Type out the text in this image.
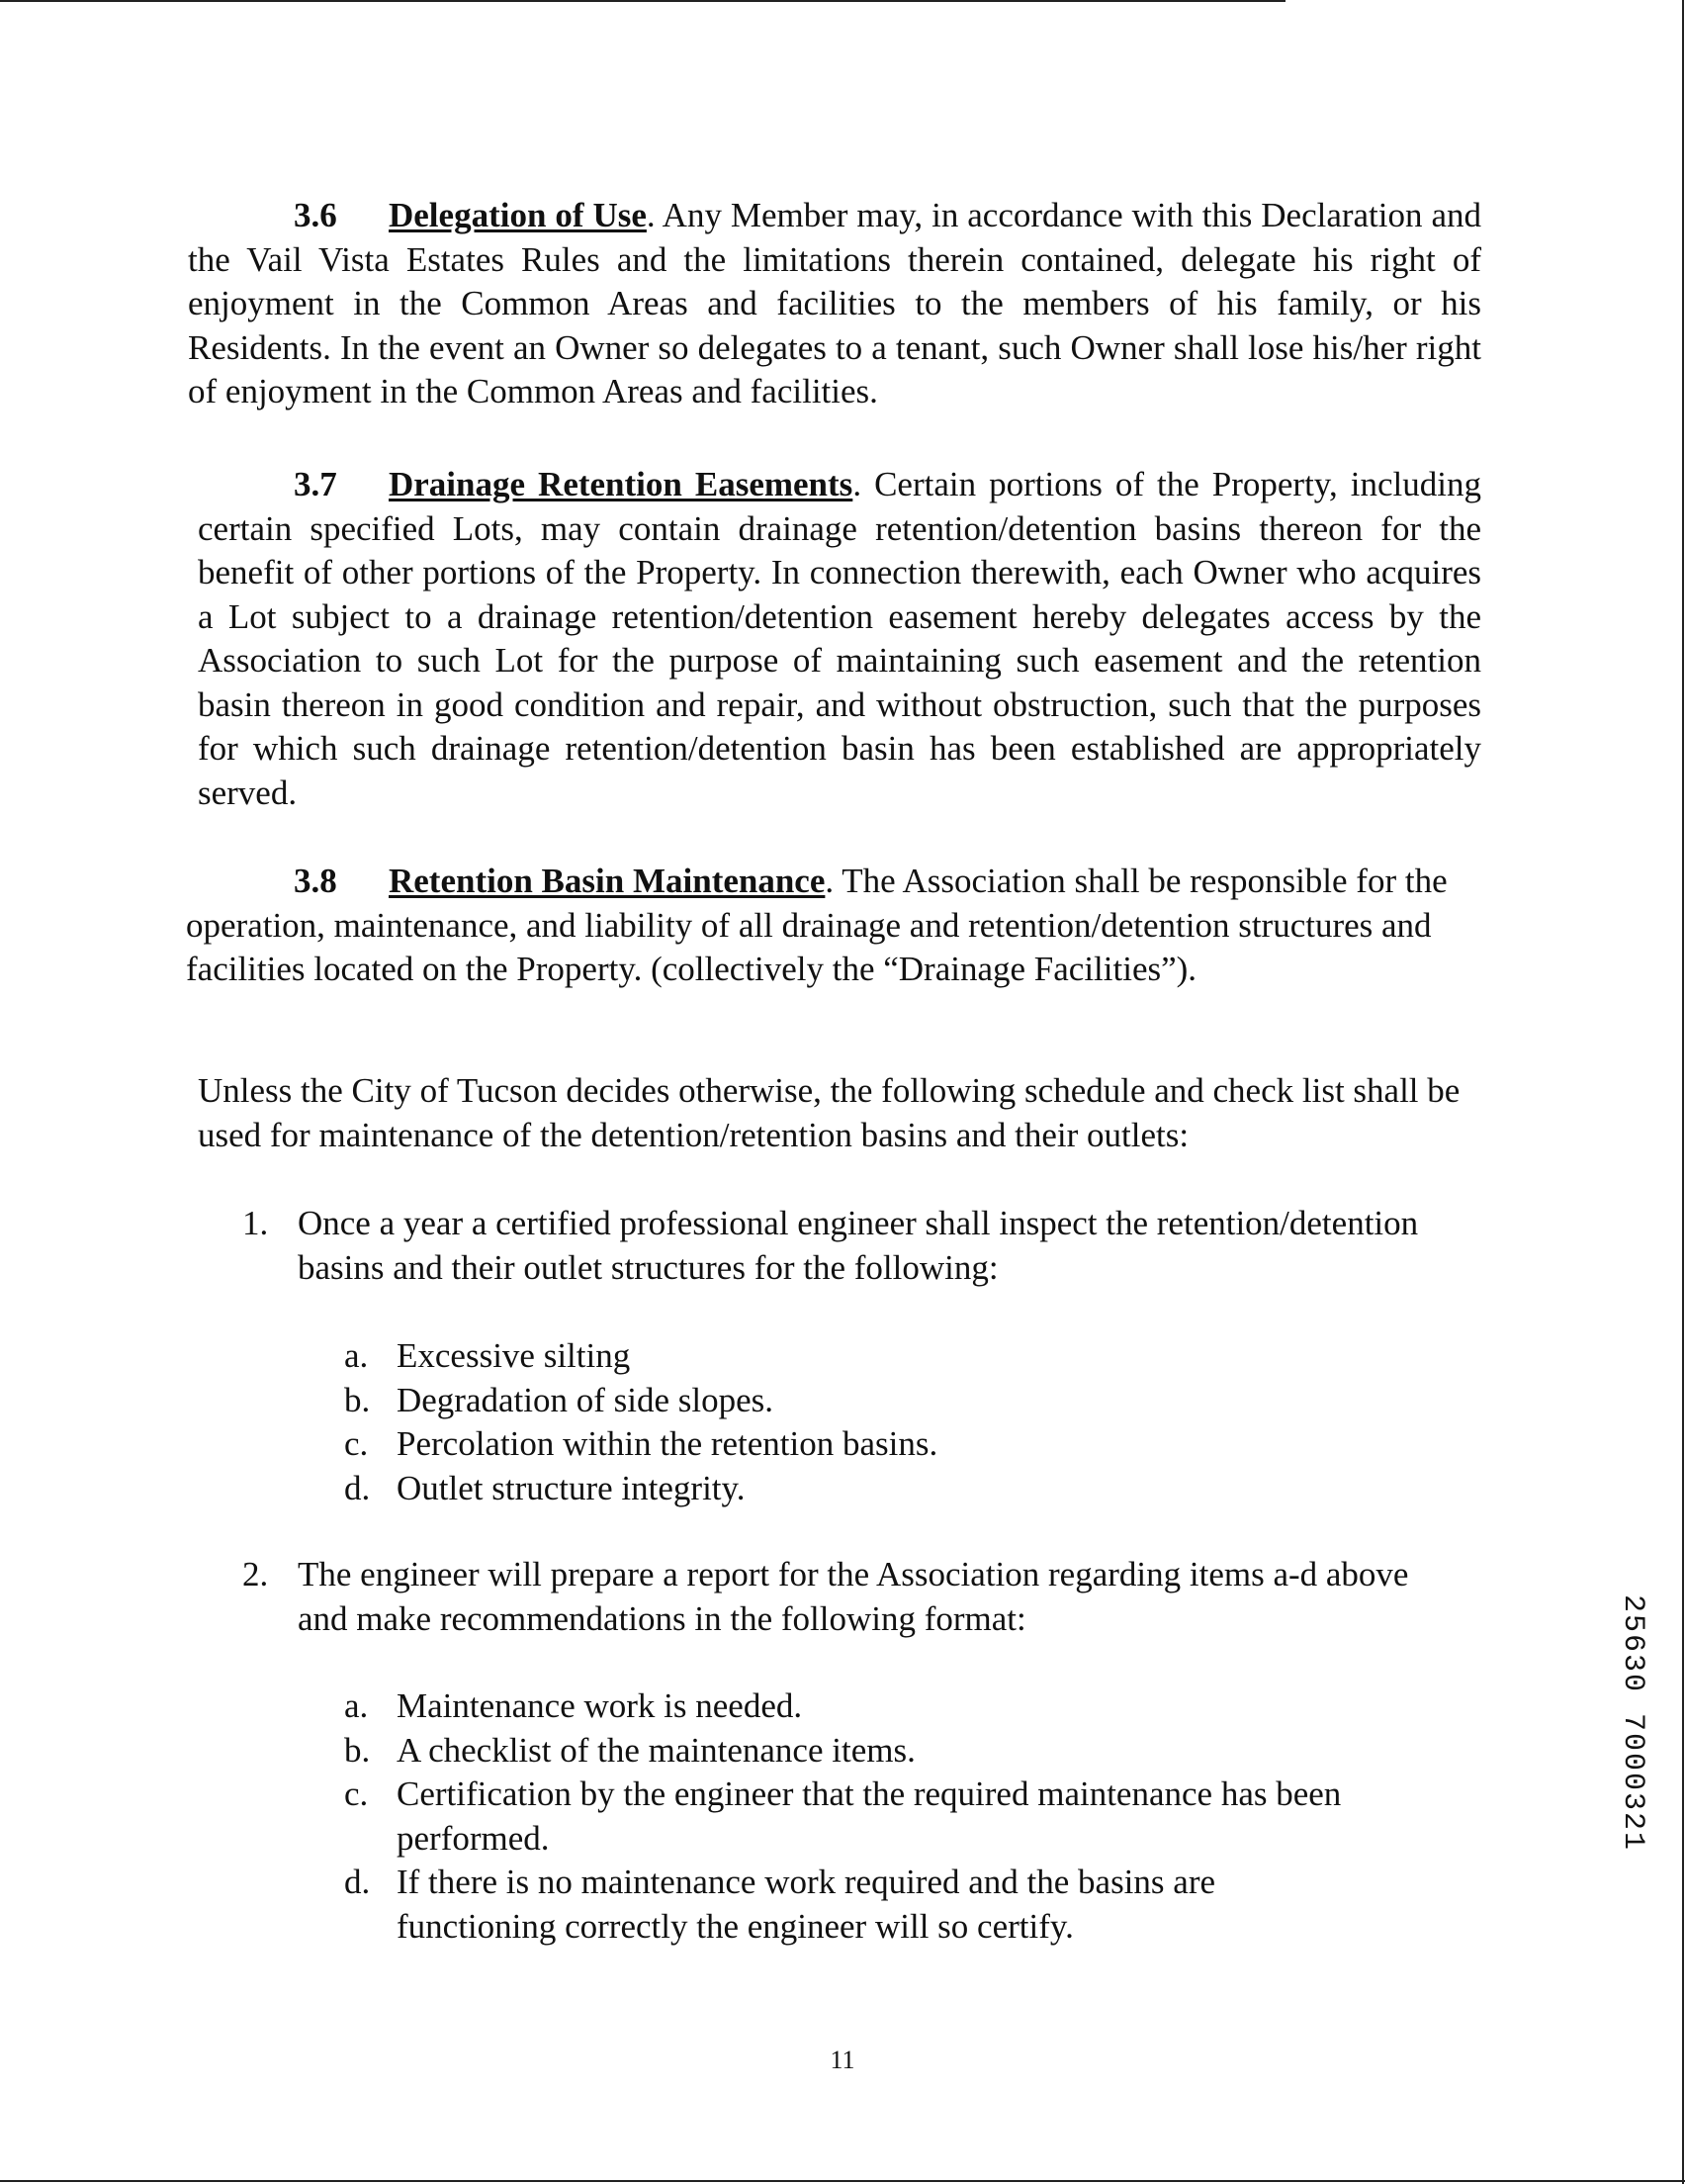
3.6 Delegation of Use. Any Member may, in accordance with this Declaration and the Vail Vista Estates Rules and the limitations therein contained, delegate his right of enjoyment in the Common Areas and facilities to the members of his family, or his Residents. In the event an Owner so delegates to a tenant, such Owner shall lose his/her right of enjoyment in the Common Areas and facilities.

3.7 Drainage Retention Easements. Certain portions of the Property, including certain specified Lots, may contain drainage retention/detention basins thereon for the benefit of other portions of the Property. In connection therewith, each Owner who acquires a Lot subject to a drainage retention/detention easement hereby delegates access by the Association to such Lot for the purpose of maintaining such easement and the retention basin thereon in good condition and repair, and without obstruction, such that the purposes for which such drainage retention/detention basin has been established are appropriately served.

3.8 Retention Basin Maintenance. The Association shall be responsible for the operation, maintenance, and liability of all drainage and retention/detention structures and facilities located on the Property. (collectively the “Drainage Facilities”).

Unless the City of Tucson decides otherwise, the following schedule and check list shall be used for maintenance of the detention/retention basins and their outlets:

1. Once a year a certified professional engineer shall inspect the retention/detention basins and their outlet structures for the following:
a. Excessive silting
b. Degradation of side slopes.
c. Percolation within the retention basins.
d. Outlet structure integrity.
2. The engineer will prepare a report for the Association regarding items a-d above and make recommendations in the following format:
a. Maintenance work is needed.
b. A checklist of the maintenance items.
c. Certification by the engineer that the required maintenance has been performed.
d. If there is no maintenance work required and the basins are functioning correctly the engineer will so certify.
11
25630 7000321
